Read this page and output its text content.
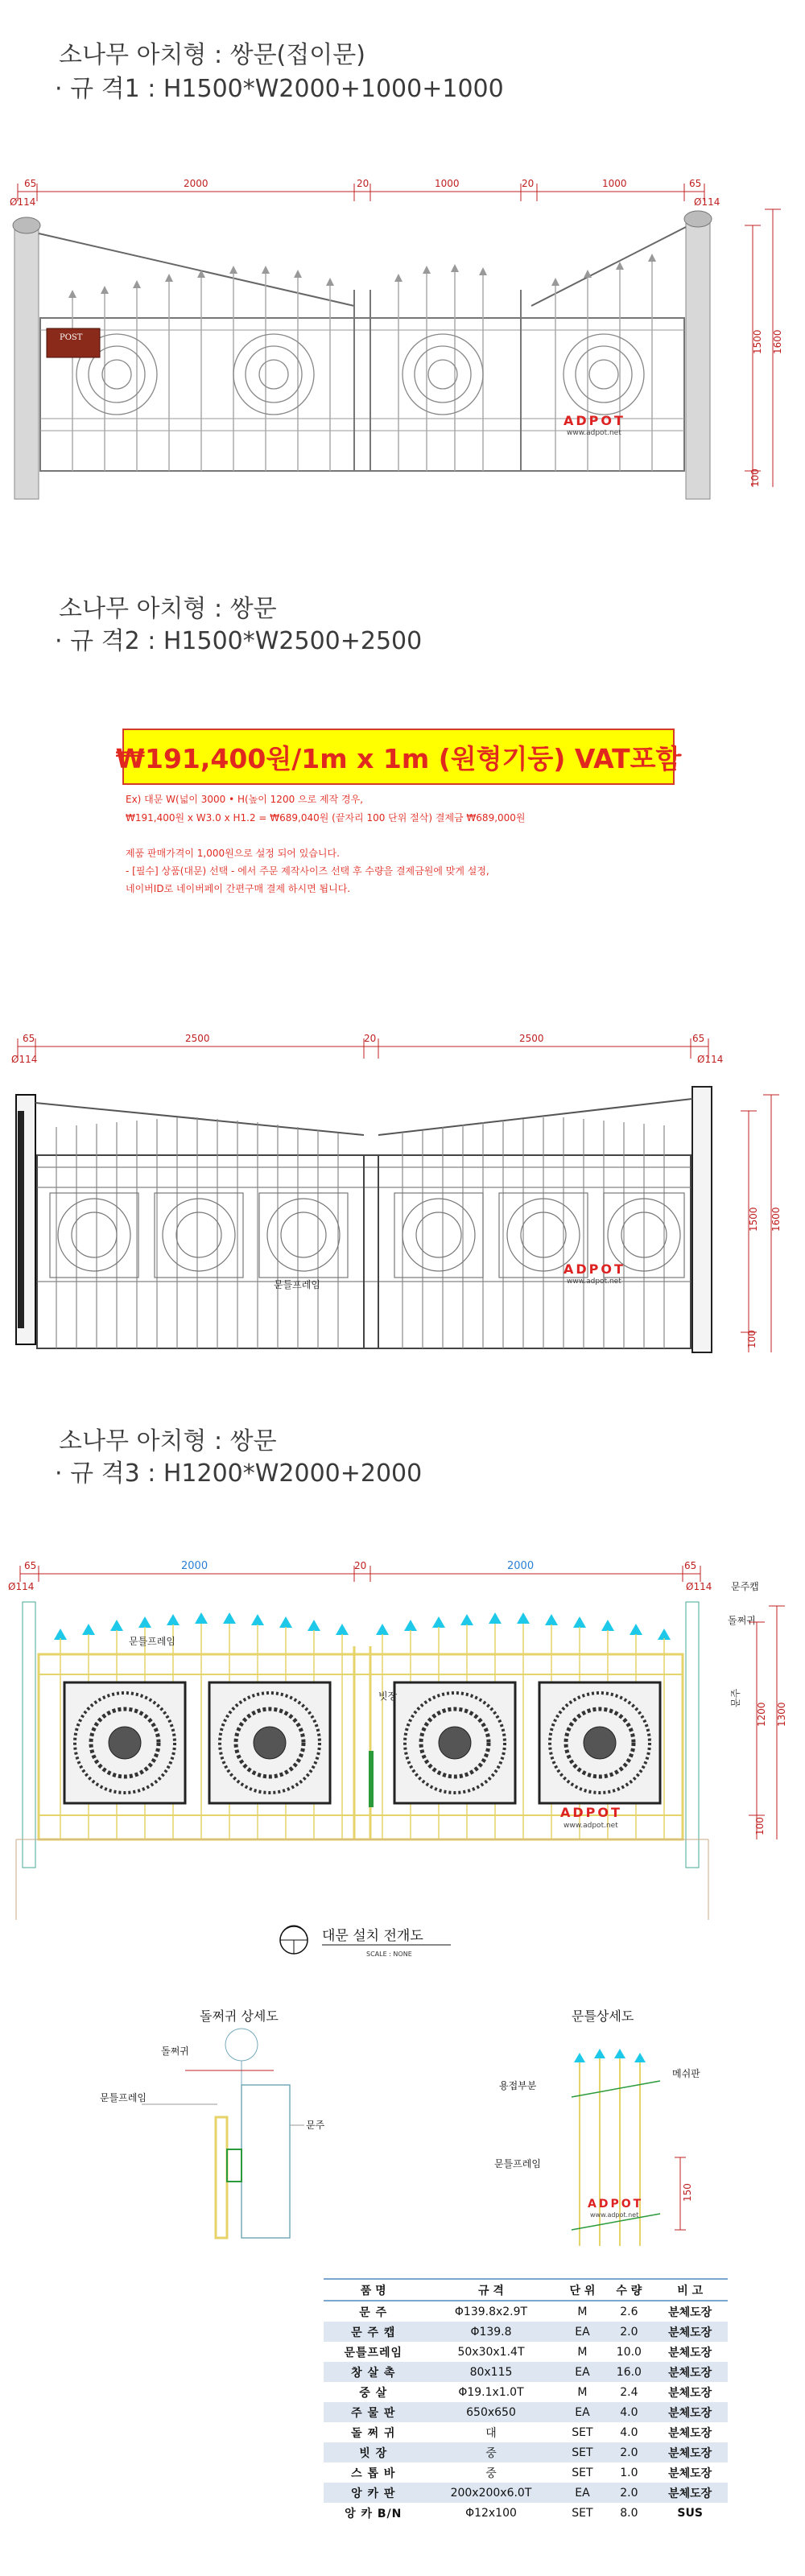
소나무 아치형 : 쌍문(접이문)
· 규 격1 : H1500*W2000+1000+1000
65	2000	20	1000	20	1000	65
Ø114	Ø114
POST
ADPOT
www.adpot.net
1500 1600
100
소나무 아치형 : 쌍문
· 규 격2 : H1500*W2500+2500
₩191,400원/1m x 1m (원형기둥) VAT포함
Ex) 대문 W(넓이 3000 • H(높이 1200 으로 제작 경우,
₩191,400원 x W3.0 x H1.2 = ₩689,040원 (끝자리 100 단위 절삭) 결제금 ₩689,000원
제품 판매가격이 1,000원으로 설정 되어 있습니다.
- [필수] 상품(대문) 선택 - 에서 주문 제작사이즈 선택 후 수량을 결제금원에 맞게 설정,
네이버ID로 네이버페이 간편구매 결제 하시면 됩니다.
65	2500	20	2500	65
Ø114	Ø114
문틀프레임
ADPOT
www.adpot.net
1500 1600
100
소나무 아치형 : 쌍문
· 규 격3 : H1200*W2000+2000
65	2000	20	2000	65
Ø114	Ø114
문틀프레임
빗장
ADPOT
www.adpot.net
문주캡
돌쩌귀
문주
1200 1300
100
대문 설치 전개도
SCALE : NONE
돌쩌귀 상세도
돌쩌귀
문틀프레임
문주
문틀상세도
용접부분
문틀프레임
메쉬판
ADPOT
www.adpot.net
150
품 명	규 격	단 위	수 량	비 고
문 주	Φ139.8x2.9T	M	2.6	분체도장
문 주 캡	Φ139.8	EA	2.0	분체도장
문틀프레임	50x30x1.4T	M	10.0	분체도장
창 살 촉	80x115	EA	16.0	분체도장
중 살	Φ19.1x1.0T	M	2.4	분체도장
주 물 판	650x650	EA	4.0	분체도장
돌 쩌 귀	대	SET	4.0	분체도장
빗 장	중	SET	2.0	분체도장
스 톱 바	중	SET	1.0	분체도장
앙 카 판	200x200x6.0T	EA	2.0	분체도장
앙 카 B/N	Φ12x100	SET	8.0	SUS
